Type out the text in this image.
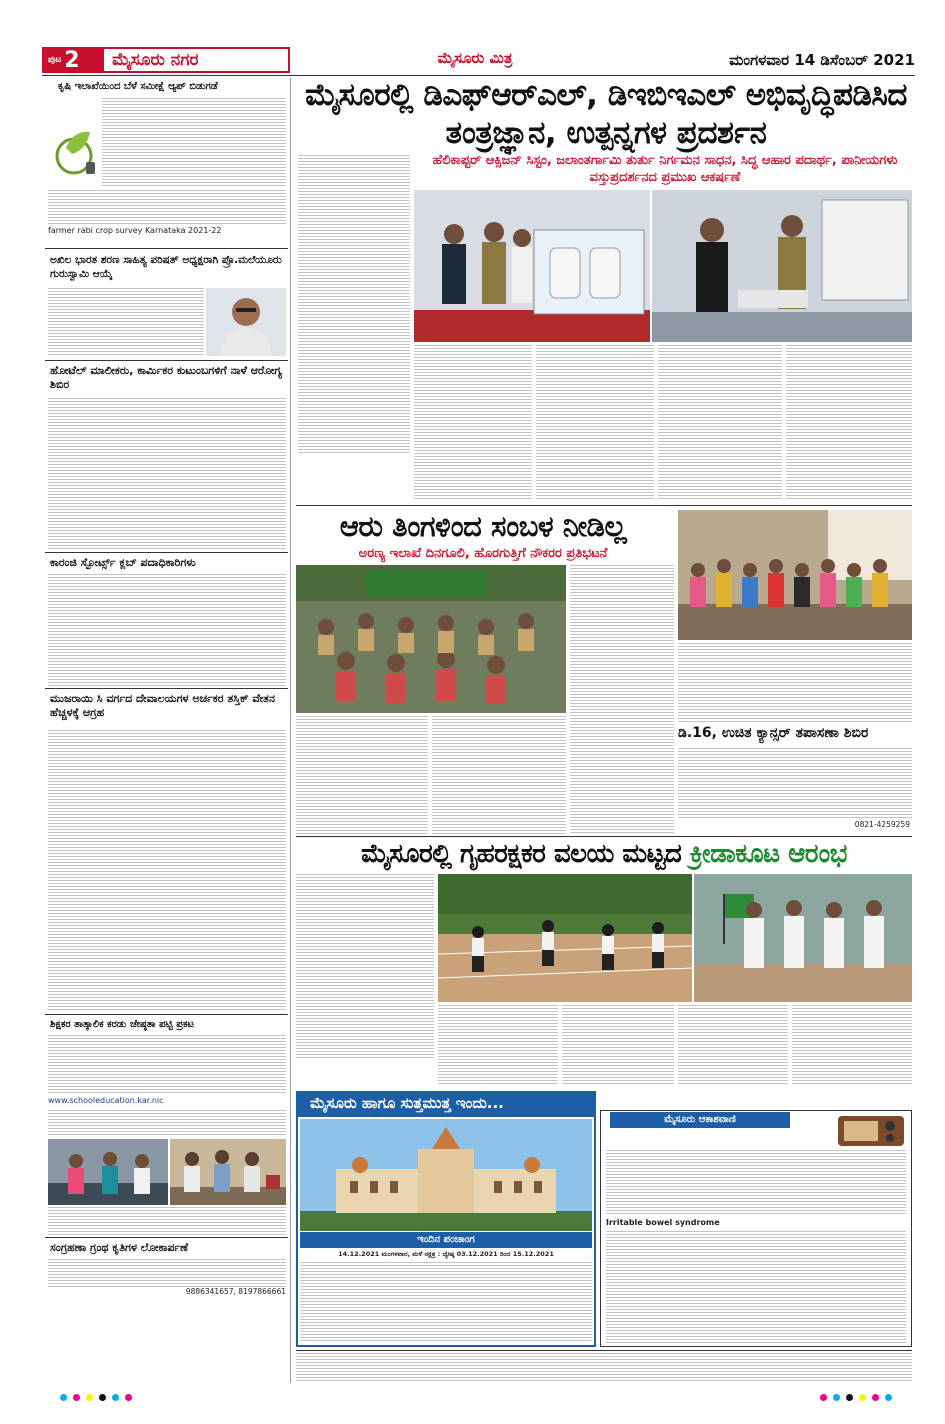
ಪುಟ 2	ಮೈಸೂರು ನಗರ	ಮೈಸೂರು ಮಿತ್ರ	ಮಂಗಳವಾರ 14 ಡಿಸೆಂಬರ್ 2021
ಕೃಷಿ ಇಲಾಖೆಯಿಂದ ಬೆಳೆ ಸಮೀಕ್ಷೆ ಆ್ಯಪ್ ಬಿಡುಗಡೆ
farmer rabi crop survey Karnataka 2021-22
ಅಖಿಲ ಭಾರತ ಶರಣ ಸಾಹಿತ್ಯ ಪರಿಷತ್ ಅಧ್ಯಕ್ಷರಾಗಿ ಪ್ರೊ.ಮಲೆಯೂರು ಗುರುಸ್ವಾಮಿ ಆಯ್ಕೆ
ಹೋಟೆಲ್ ಮಾಲೀಕರು, ಕಾರ್ಮಿಕರ ಕುಟುಂಬಗಳಿಗೆ ನಾಳೆ ಆರೋಗ್ಯ ಶಿಬಿರ
ಕಾರಂಜಿ ಸ್ಪೋರ್ಟ್ಸ್ ಕ್ಲಬ್ ಪದಾಧಿಕಾರಿಗಳು
ಮುಜರಾಯಿ ಸಿ ವರ್ಗದ ದೇವಾಲಯಗಳ ಅರ್ಚಕರ ತಸ್ತಿಕ್ ವೇತನ ಹೆಚ್ಚಳಕ್ಕೆ ಆಗ್ರಹ
ಶಿಕ್ಷಕರ ತಾತ್ಕಾಲಿಕ ಕರಡು ಜೇಷ್ಠತಾ ಪಟ್ಟಿ ಪ್ರಕಟ
www.schooleducation.kar.nic
ಸಂಗ್ರಹಣಾ ಗ್ರಂಥ ಕೃತಿಗಳ ಲೋಕಾರ್ಪಣೆ
9886341657, 8197866661
ಮೈಸೂರಲ್ಲಿ ಡಿಎಫ್‌ಆರ್‌ಎಲ್, ಡಿಇಬಿಇಎಲ್ ಅಭಿವೃದ್ಧಿಪಡಿಸಿದ ತಂತ್ರಜ್ಞಾನ, ಉತ್ಪನ್ನಗಳ ಪ್ರದರ್ಶನ
ಹೆಲಿಕಾಪ್ಟರ್ ಆಕ್ಸಿಜನ್ ಸಿಸ್ಟಂ, ಜಲಾಂತರ್ಗಾಮಿ ತುರ್ತು ನಿರ್ಗಮನ ಸಾಧನ, ಸಿದ್ಧ ಆಹಾರ ಪದಾರ್ಥ, ಪಾನೀಯಗಳು ವಸ್ತುಪ್ರದರ್ಶನದ ಪ್ರಮುಖ ಆಕರ್ಷಣೆ
ಆರು ತಿಂಗಳಿಂದ ಸಂಬಳ ನೀಡಿಲ್ಲ
ಅರಣ್ಯ ಇಲಾಖೆ ದಿನಗೂಲಿ, ಹೊರಗುತ್ತಿಗೆ ನೌಕರರ ಪ್ರತಿಭಟನೆ
ಡಿ.16, ಉಚಿತ ಕ್ಯಾನ್ಸರ್ ತಪಾಸಣಾ ಶಿಬಿರ
0821-4259259
ಮೈಸೂರಲ್ಲಿ ಗೃಹರಕ್ಷಕರ ವಲಯ ಮಟ್ಟದ ಕ್ರೀಡಾಕೂಟ ಆರಂಭ
ಮೈಸೂರು ಹಾಗೂ ಸುತ್ತಮುತ್ತ ಇಂದು...
ಇಂದಿನ ಪಂಚಾಂಗ
14.12.2021 ಮಂಗಳವಾರ, ಮಳೆ ನಕ್ಷತ್ರ : ಜ್ಯೇಷ್ಠ 03.12.2021 ರಿಂದ 15.12.2021
ಮೈಸೂರು ಆಕಾಶವಾಣಿ
Irritable bowel syndrome
